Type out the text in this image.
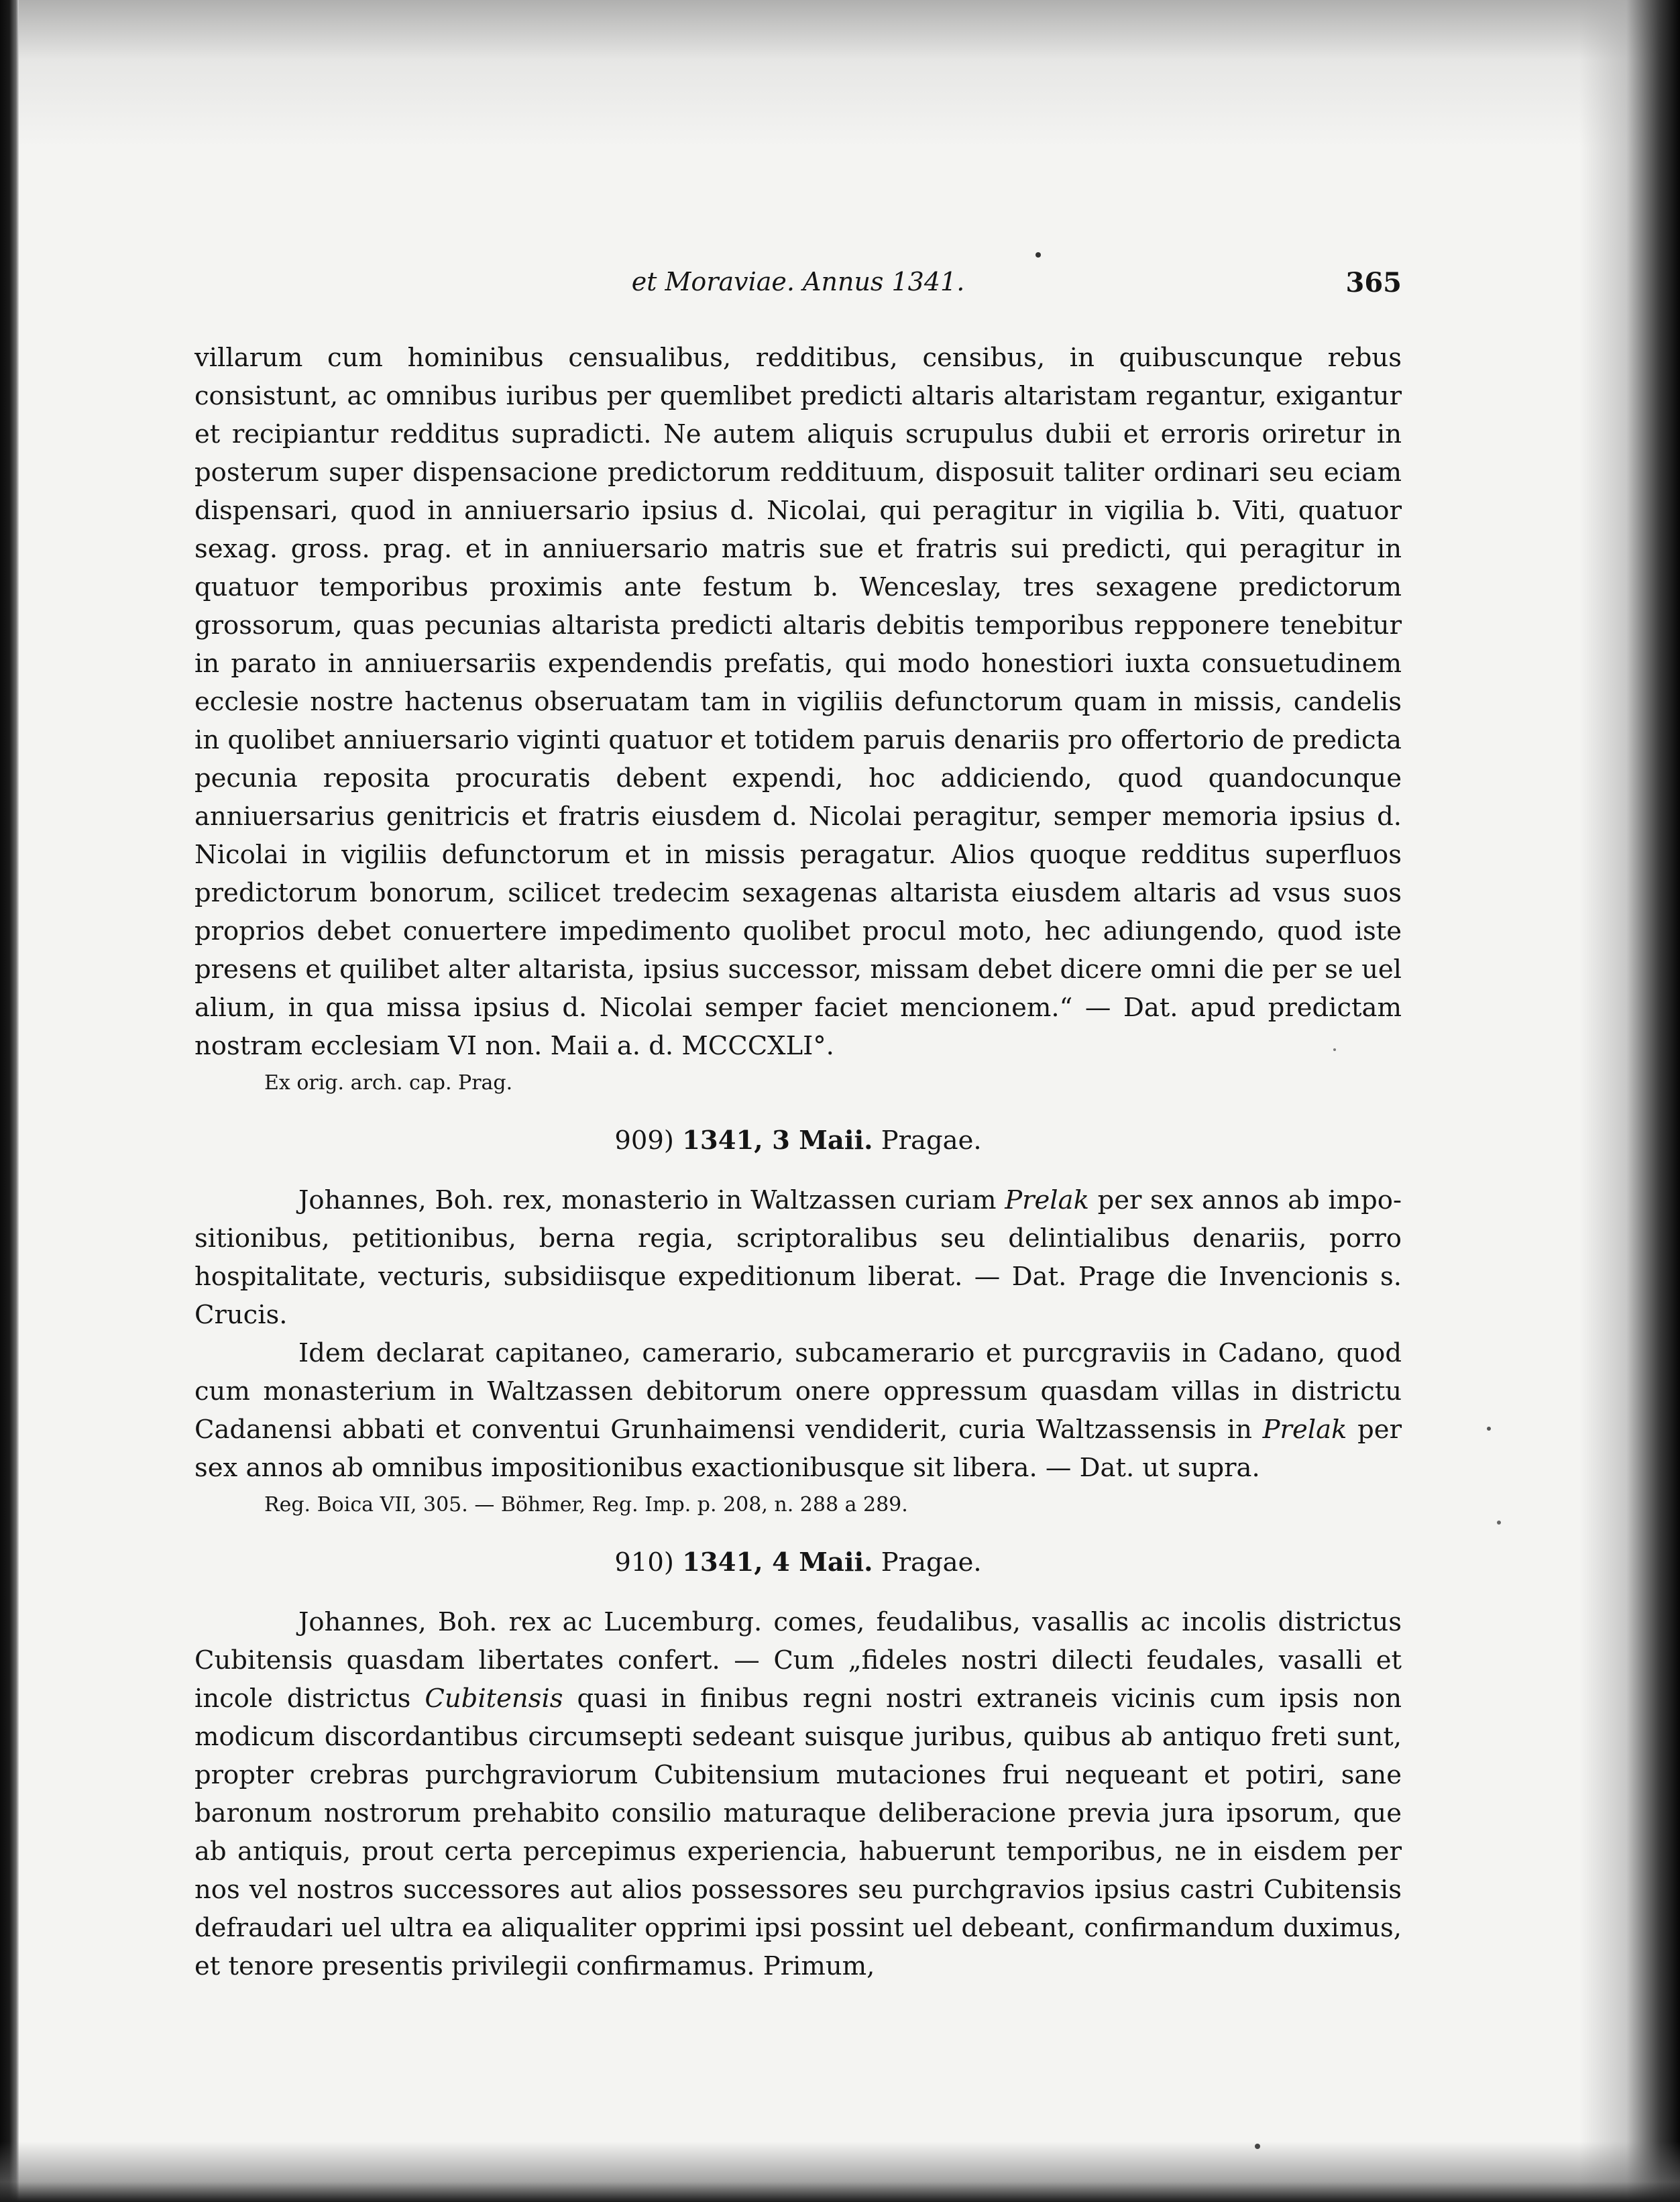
et Moraviae. Annus 1341.	365

villarum cum hominibus censualibus, redditibus, censibus, in quibuscunque rebus consistunt, ac omnibus iuribus per quemlibet predicti altaris altaristam regantur, exigantur et recipiantur redditus supradicti. Ne autem aliquis scrupulus dubii et erroris oriretur in posterum super dispensacione predictorum reddituum, disposuit taliter ordinari seu eciam dispensari, quod in anniuersario ipsius d. Nicolai, qui peragitur in vigilia b. Viti, quatuor sexag. gross. prag. et in anniuersario matris sue et fratris sui predicti, qui peragitur in quatuor temporibus proximis ante festum b. Wenceslay, tres sexagene predictorum grossorum, quas pecunias altarista predicti altaris debitis temporibus repponere tenebitur in parato in anniuersariis expendendis prefatis, qui modo honestiori iuxta consuetudinem ecclesie nostre hactenus obseruatam tam in vigiliis defunctorum quam in missis, candelis in quolibet anniuersario viginti quatuor et totidem paruis denariis pro offertorio de predicta pecunia reposita procuratis debent expendi, hoc addiciendo, quod quandocunque anniuersarius genitricis et fratris eiusdem d. Nicolai peragitur, semper memoria ipsius d. Nicolai in vigiliis defunctorum et in missis peragatur. Alios quoque redditus superfluos predictorum bonorum, scilicet tredecim sexagenas altarista eiusdem altaris ad vsus suos proprios debet conuertere impedimento quolibet procul moto, hec adiungendo, quod iste presens et quilibet alter altarista, ipsius successor, missam debet dicere omni die per se uel alium, in qua missa ipsius d. Nicolai semper faciet mencionem.“ — Dat. apud predictam nostram ecclesiam VI non. Maii a. d. MCCCXLI°.

Ex orig. arch. cap. Prag.

909) 1341, 3 Maii. Pragae.

Johannes, Boh. rex, monasterio in Waltzassen curiam Prelak per sex annos ab impositionibus, petitionibus, berna regia, scriptoralibus seu delintialibus denariis, porro hospitalitate, vecturis, subsidiisque expeditionum liberat. — Dat. Prage die Invencionis s. Crucis.

Idem declarat capitaneo, camerario, subcamerario et purcgraviis in Cadano, quod cum monasterium in Waltzassen debitorum onere oppressum quasdam villas in districtu Cadanensi abbati et conventui Grunhaimensi vendiderit, curia Waltzassensis in Prelak per sex annos ab omnibus impositionibus exactionibusque sit libera. — Dat. ut supra.

Reg. Boica VII, 305. — Böhmer, Reg. Imp. p. 208, n. 288 a 289.

910) 1341, 4 Maii. Pragae.

Johannes, Boh. rex ac Lucemburg. comes, feudalibus, vasallis ac incolis districtus Cubitensis quasdam libertates confert. — Cum „fideles nostri dilecti feudales, vasalli et incole districtus Cubitensis quasi in finibus regni nostri extraneis vicinis cum ipsis non modicum discordantibus circumsepti sedeant suisque juribus, quibus ab antiquo freti sunt, propter crebras purchgraviorum Cubitensium mutaciones frui nequeant et potiri, sane baronum nostrorum prehabito consilio maturaque deliberacione previa jura ipsorum, que ab antiquis, prout certa percepimus experiencia, habuerunt temporibus, ne in eisdem per nos vel nostros successores aut alios possessores seu purchgravios ipsius castri Cubitensis defraudari uel ultra ea aliqualiter opprimi ipsi possint uel debeant, confirmandum duximus, et tenore presentis privilegii confirmamus. Primum,
